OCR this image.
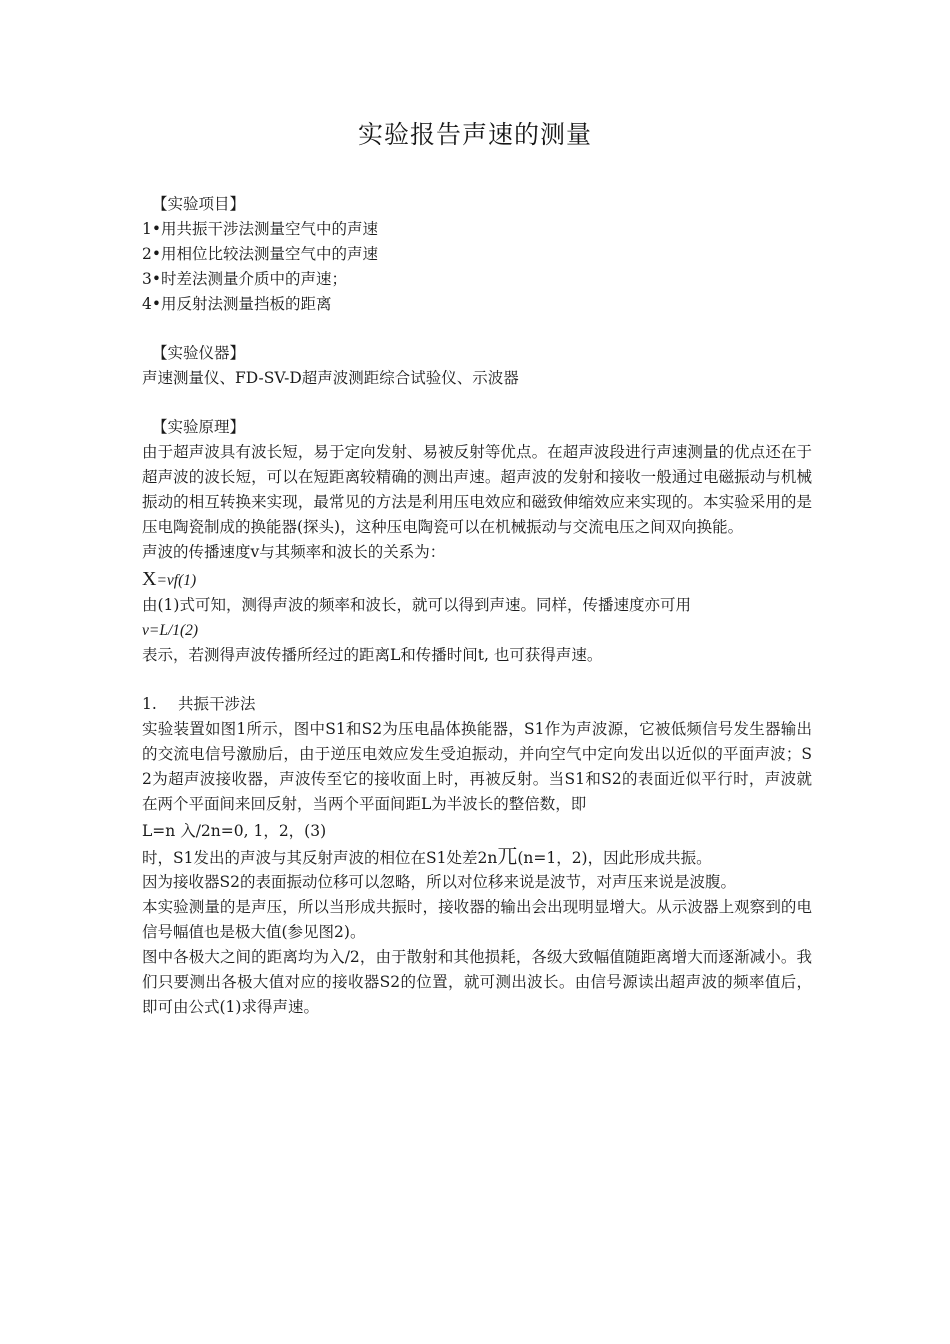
实验报告声速的测量
【实验项目】
1•用共振干涉法测量空气中的声速
2•用相位比较法测量空气中的声速
3•时差法测量介质中的声速；
4•用反射法测量挡板的距离
【实验仪器】
声速测量仪、FD-SV-D超声波测距综合试验仪、示波器
【实验原理】
由于超声波具有波长短，易于定向发射、易被反射等优点。在超声波段进行声速测量的优点还在于超声波的波长短，可以在短距离较精确的测出声速。超声波的发射和接收一般通过电磁振动与机械振动的相互转换来实现，最常见的方法是利用压电效应和磁致伸缩效应来实现的。本实验采用的是压电陶瓷制成的换能器(探头)，这种压电陶瓷可以在机械振动与交流电压之间双向换能。
声波的传播速度v与其频率和波长的关系为：
X=vf(1)
由(1)式可知，测得声波的频率和波长，就可以得到声速。同样，传播速度亦可用
v=L/1(2)
表示，若测得声波传播所经过的距离L和传播时间t, 也可获得声速。
1. 共振干涉法
实验装置如图1所示，图中S1和S2为压电晶体换能器，S1作为声波源，它被低频信号发生器输出的交流电信号激励后，由于逆压电效应发生受迫振动，并向空气中定向发出以近似的平面声波；S2为超声波接收器，声波传至它的接收面上时，再被反射。当S1和S2的表面近似平行时，声波就在两个平面间来回反射，当两个平面间距L为半波长的整倍数，即
L=n 入/2n=0, 1，2，(3)
时，S1发出的声波与其反射声波的相位在S1处差2n兀(n=1，2)，因此形成共振。
因为接收器S2的表面振动位移可以忽略，所以对位移来说是波节，对声压来说是波腹。
本实验测量的是声压，所以当形成共振时，接收器的输出会出现明显增大。从示波器上观察到的电信号幅值也是极大值(参见图2)。
图中各极大之间的距离均为入/2，由于散射和其他损耗，各级大致幅值随距离增大而逐渐减小。我们只要测出各极大值对应的接收器S2的位置，就可测出波长。由信号源读出超声波的频率值后，即可由公式(1)求得声速。
